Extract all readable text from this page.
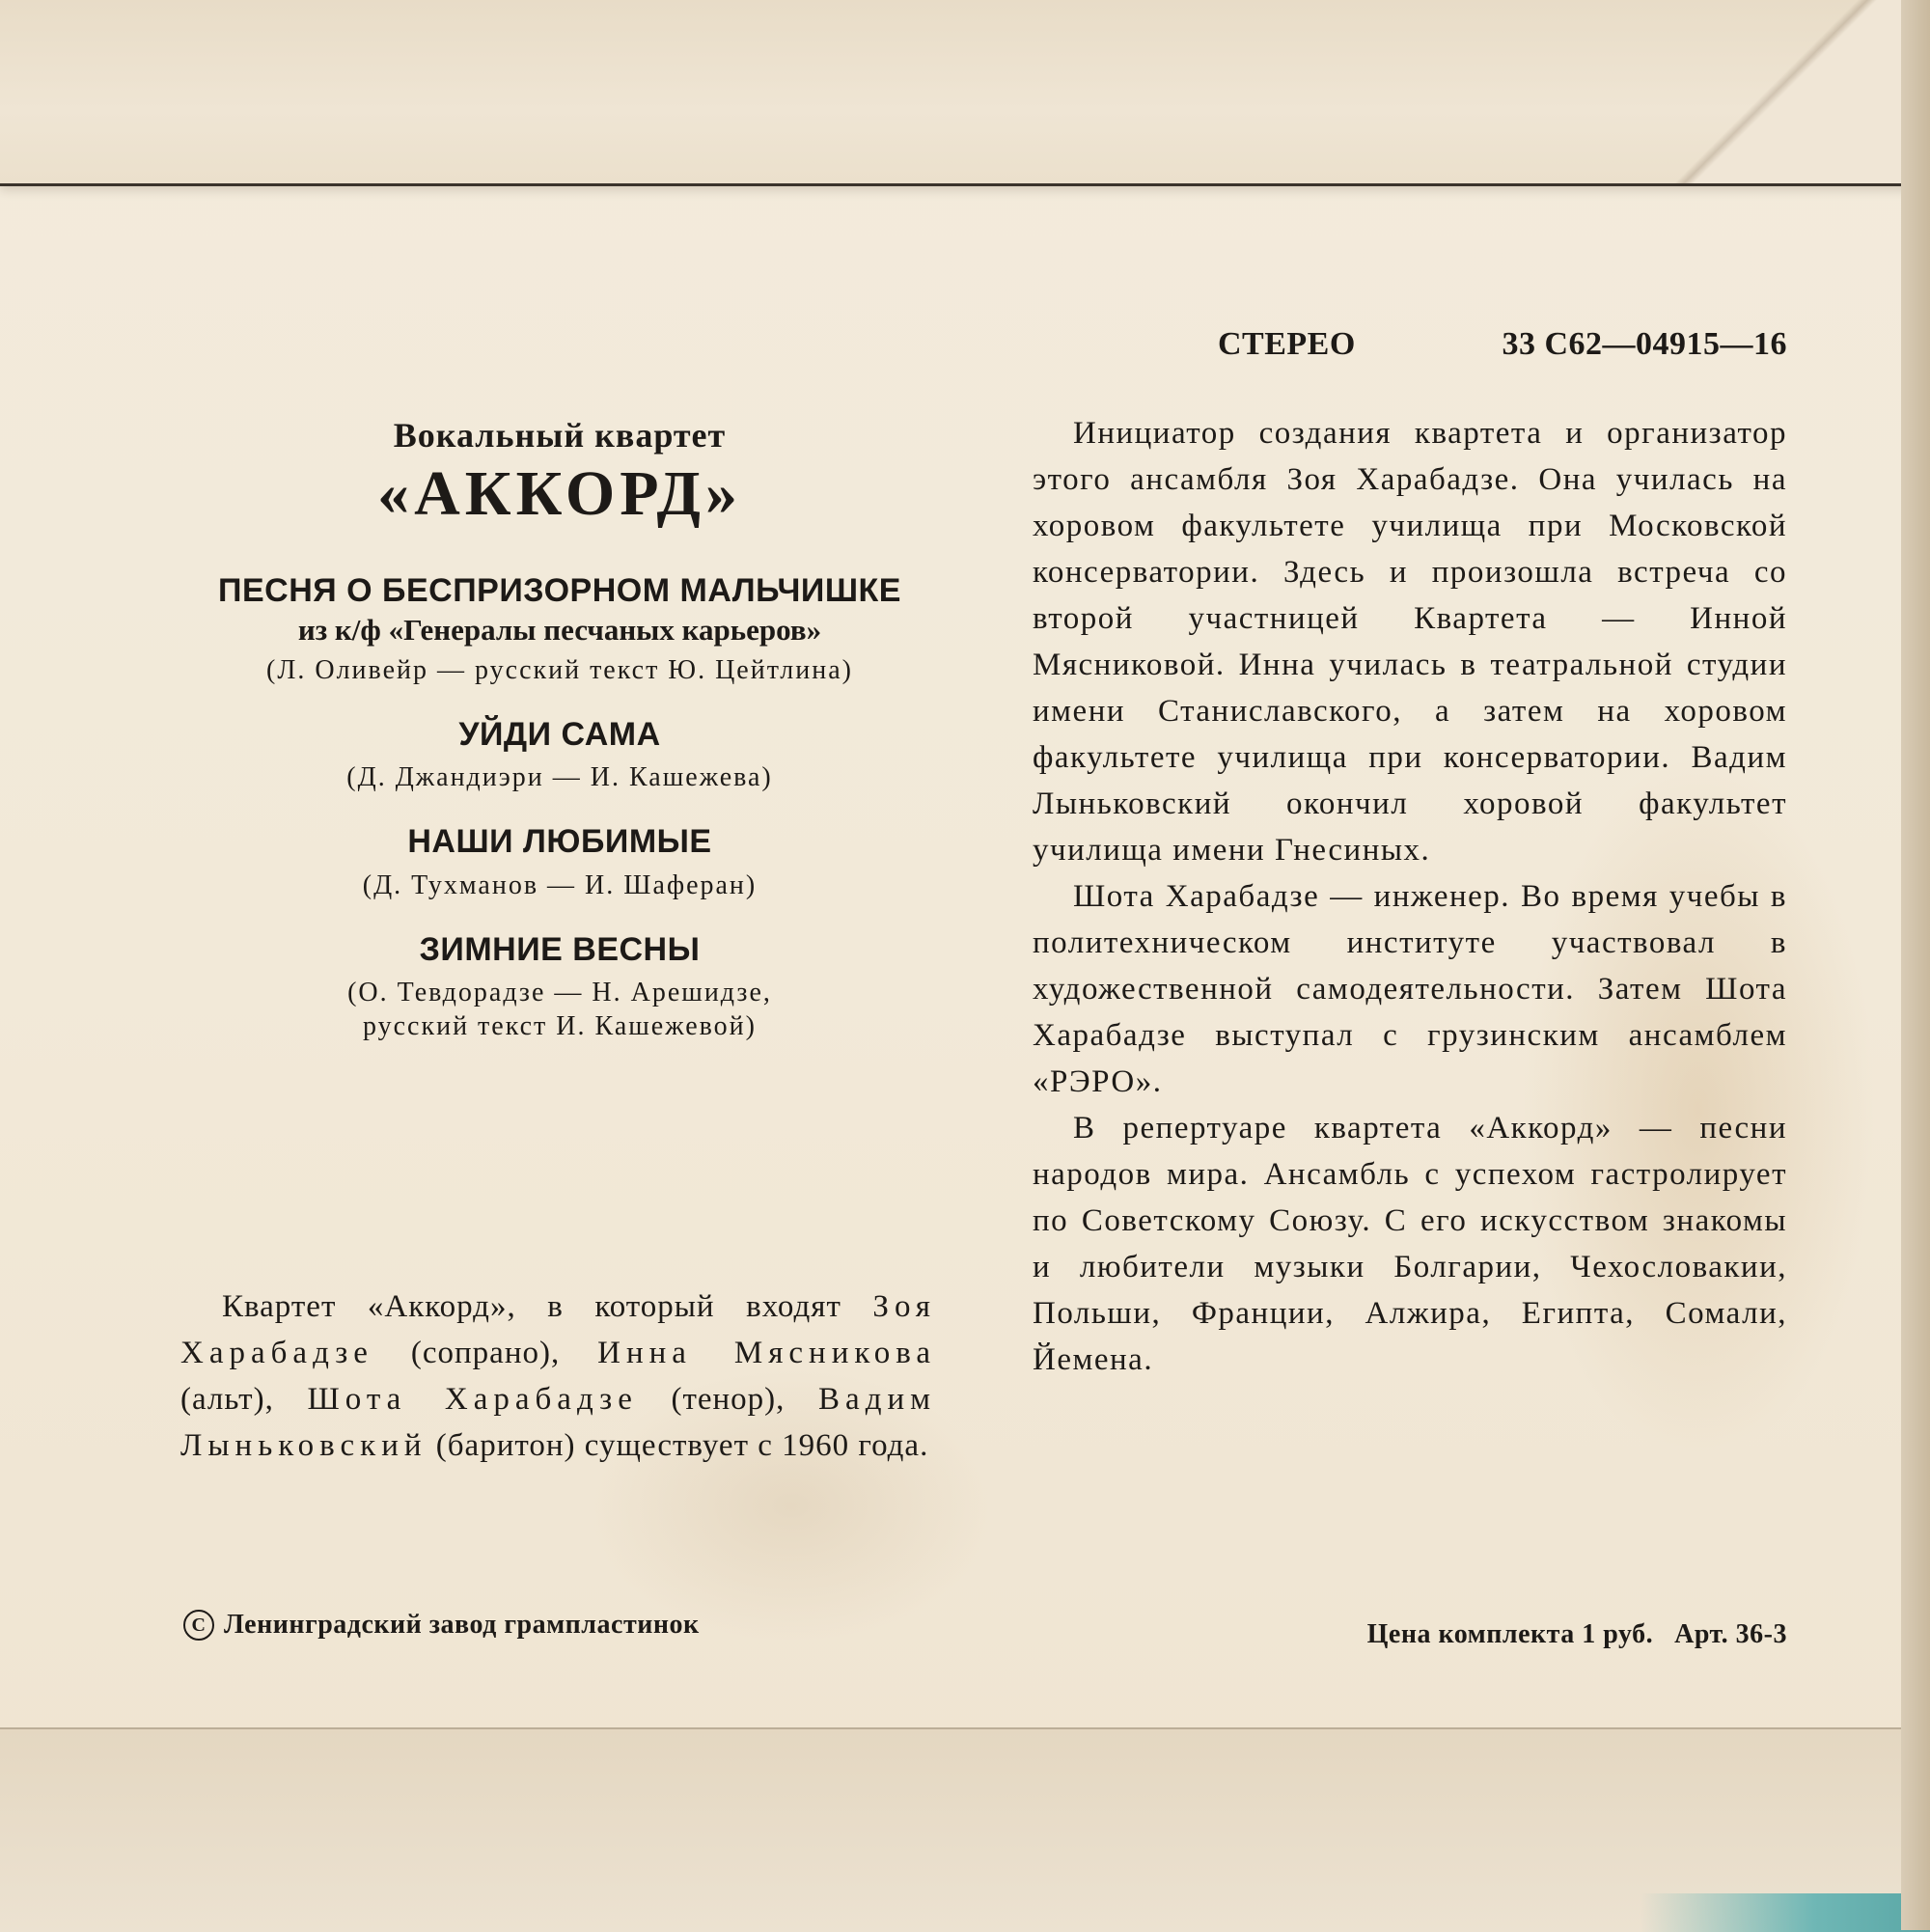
СТЕРЕО	33 С62—04915—16

Вокальный квартет

«АККОРД»

ПЕСНЯ О БЕСПРИЗОРНОМ МАЛЬЧИШКЕ
из к/ф «Генералы песчаных карьеров»
(Л. Оливейр — русский текст Ю. Цейтлина)
УЙДИ САМА
(Д. Джандиэри — И. Кашежева)
НАШИ ЛЮБИМЫЕ
(Д. Тухманов — И. Шаферан)
ЗИМНИЕ ВЕСНЫ
(О. Тевдорадзе — Н. Арешидзе,
русский текст И. Кашежевой)

Квартет «Аккорд», в который входят Зоя Харабадзе (сопрано), Инна Мясникова (альт), Шота Харабадзе (тенор), Вадим Лыньковский (баритон) существует с 1960 года.

Инициатор создания квартета и организатор этого ансамбля Зоя Харабадзе. Она училась на хоровом факультете училища при Московской консерватории. Здесь и произошла встреча со второй участницей Квартета — Инной Мясниковой. Инна училась в театральной студии имени Станиславского, а затем на хоровом факультете училища при консерватории. Вадим Лыньковский окончил хоровой факультет училища имени Гнесиных.

Шота Харабадзе — инженер. Во время учебы в политехническом институте участвовал в художественной самодеятельности. Затем Шота Харабадзе выступал с грузинским ансамблем «РЭРО».

В репертуаре квартета «Аккорд» — песни народов мира. Ансамбль с успехом гастролирует по Советскому Союзу. С его искусством знакомы и любители музыки Болгарии, Чехословакии, Польши, Франции, Алжира, Египта, Сомали, Йемена.

C Ленинградский завод грампластинок	Цена комплекта 1 руб. Арт. 36-3
